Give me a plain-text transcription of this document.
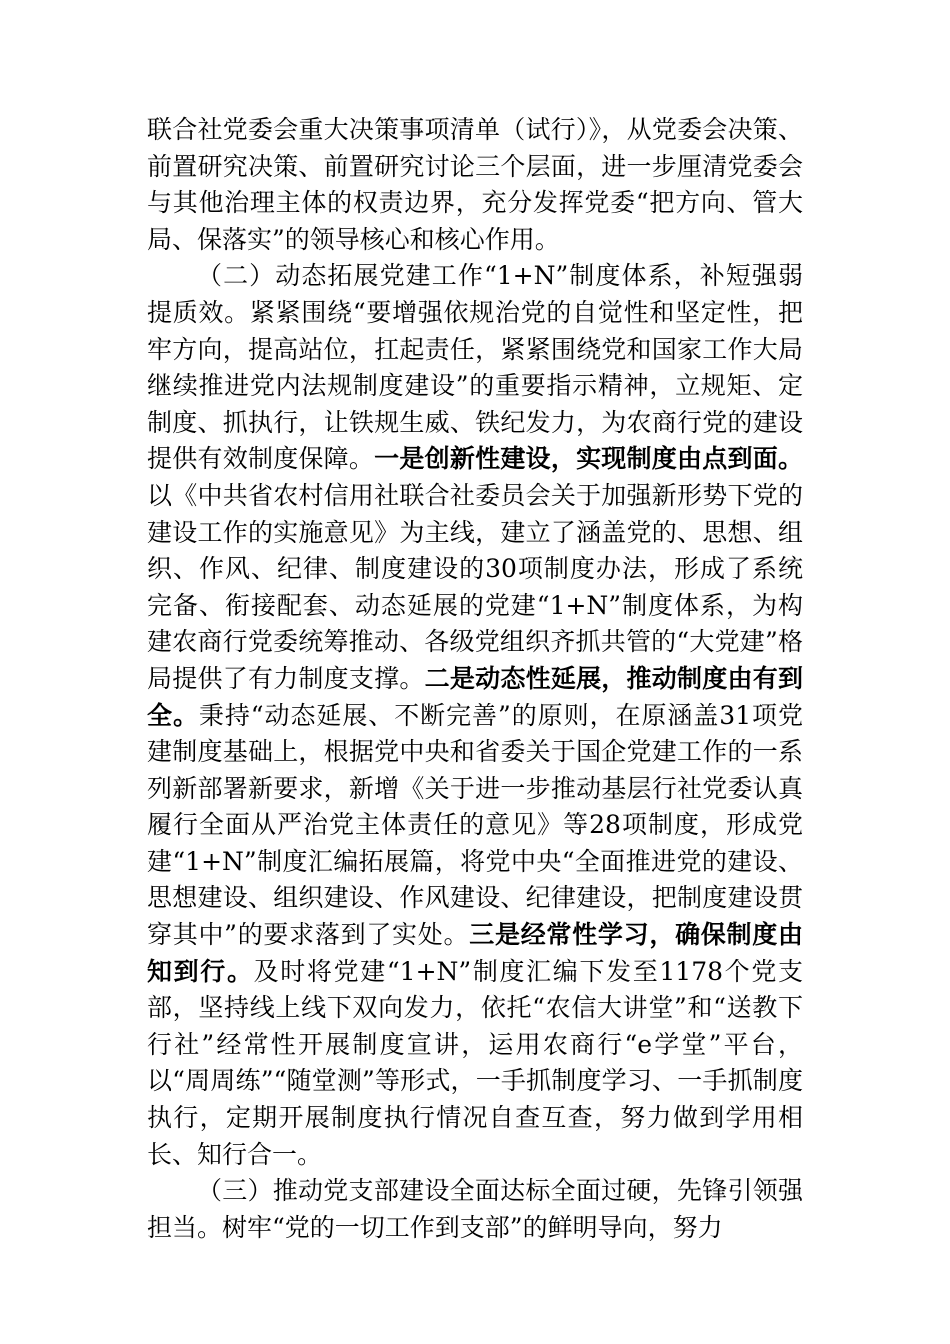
联合社党委会重大决策事项清单（试行）》，从党委会决策、前置研究决策、前置研究讨论三个层面，进一步厘清党委会与其他治理主体的权责边界，充分发挥党委“把方向、管大局、保落实”的领导核心和核心作用。

（二）动态拓展党建工作“1+N”制度体系，补短强弱提质效。紧紧围绕“要增强依规治党的自觉性和坚定性，把牢方向，提高站位，扛起责任，紧紧围绕党和国家工作大局继续推进党内法规制度建设”的重要指示精神，立规矩、定制度、抓执行，让铁规生威、铁纪发力，为农商行党的建设提供有效制度保障。一是创新性建设，实现制度由点到面。以《中共省农村信用社联合社委员会关于加强新形势下党的建设工作的实施意见》为主线，建立了涵盖党的、思想、组织、作风、纪律、制度建设的30项制度办法，形成了系统完备、衔接配套、动态延展的党建“1+N”制度体系，为构建农商行党委统筹推动、各级党组织齐抓共管的“大党建”格局提供了有力制度支撑。二是动态性延展，推动制度由有到全。秉持“动态延展、不断完善”的原则，在原涵盖31项党建制度基础上，根据党中央和省委关于国企党建工作的一系列新部署新要求，新增《关于进一步推动基层行社党委认真履行全面从严治党主体责任的意见》等28项制度，形成党建“1+N”制度汇编拓展篇，将党中央“全面推进党的建设、思想建设、组织建设、作风建设、纪律建设，把制度建设贯穿其中”的要求落到了实处。三是经常性学习，确保制度由知到行。及时将党建“1+N”制度汇编下发至1178个党支部，坚持线上线下双向发力，依托“农信大讲堂”和“送教下行社”经常性开展制度宣讲，运用农商行“e学堂”平台，以“周周练”“随堂测”等形式，一手抓制度学习、一手抓制度执行，定期开展制度执行情况自查互查，努力做到学用相长、知行合一。

（三）推动党支部建设全面达标全面过硬，先锋引领强担当。树牢“党的一切工作到支部”的鲜明导向，努力
